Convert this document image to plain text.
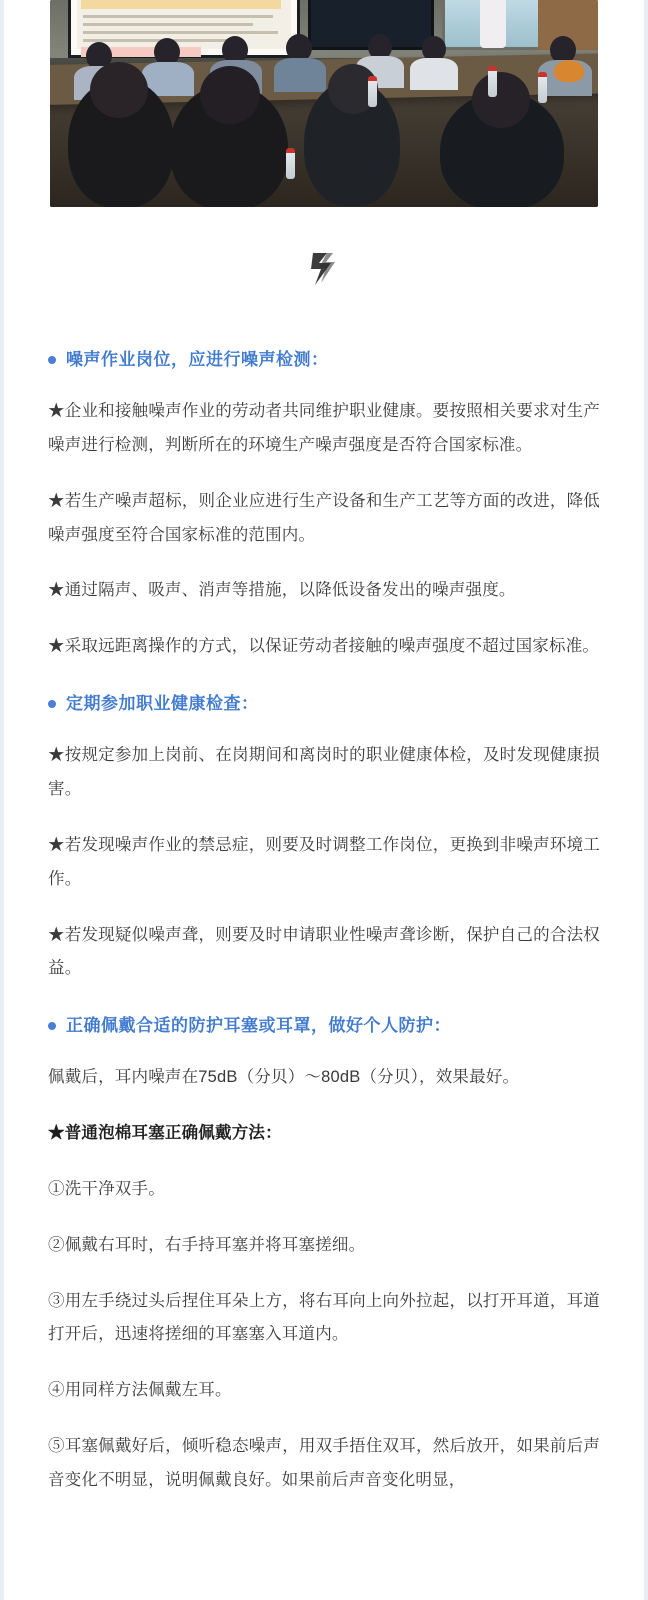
噪声作业岗位，应进行噪声检测：

★企业和接触噪声作业的劳动者共同维护职业健康。要按照相关要求对生产噪声进行检测，判断所在的环境生产噪声强度是否符合国家标准。

★若生产噪声超标，则企业应进行生产设备和生产工艺等方面的改进，降低噪声强度至符合国家标准的范围内。

★通过隔声、吸声、消声等措施，以降低设备发出的噪声强度。

★采取远距离操作的方式，以保证劳动者接触的噪声强度不超过国家标准。

定期参加职业健康检查：

★按规定参加上岗前、在岗期间和离岗时的职业健康体检，及时发现健康损害。

★若发现噪声作业的禁忌症，则要及时调整工作岗位，更换到非噪声环境工作。

★若发现疑似噪声聋，则要及时申请职业性噪声聋诊断，保护自己的合法权益。

正确佩戴合适的防护耳塞或耳罩，做好个人防护：

佩戴后，耳内噪声在75dB（分贝）～80dB（分贝），效果最好。

★普通泡棉耳塞正确佩戴方法：

①洗干净双手。

②佩戴右耳时，右手持耳塞并将耳塞搓细。

③用左手绕过头后捏住耳朵上方，将右耳向上向外拉起，以打开耳道，耳道打开后，迅速将搓细的耳塞塞入耳道内。

④用同样方法佩戴左耳。

⑤耳塞佩戴好后，倾听稳态噪声，用双手捂住双耳，然后放开，如果前后声音变化不明显，说明佩戴良好。如果前后声音变化明显，
